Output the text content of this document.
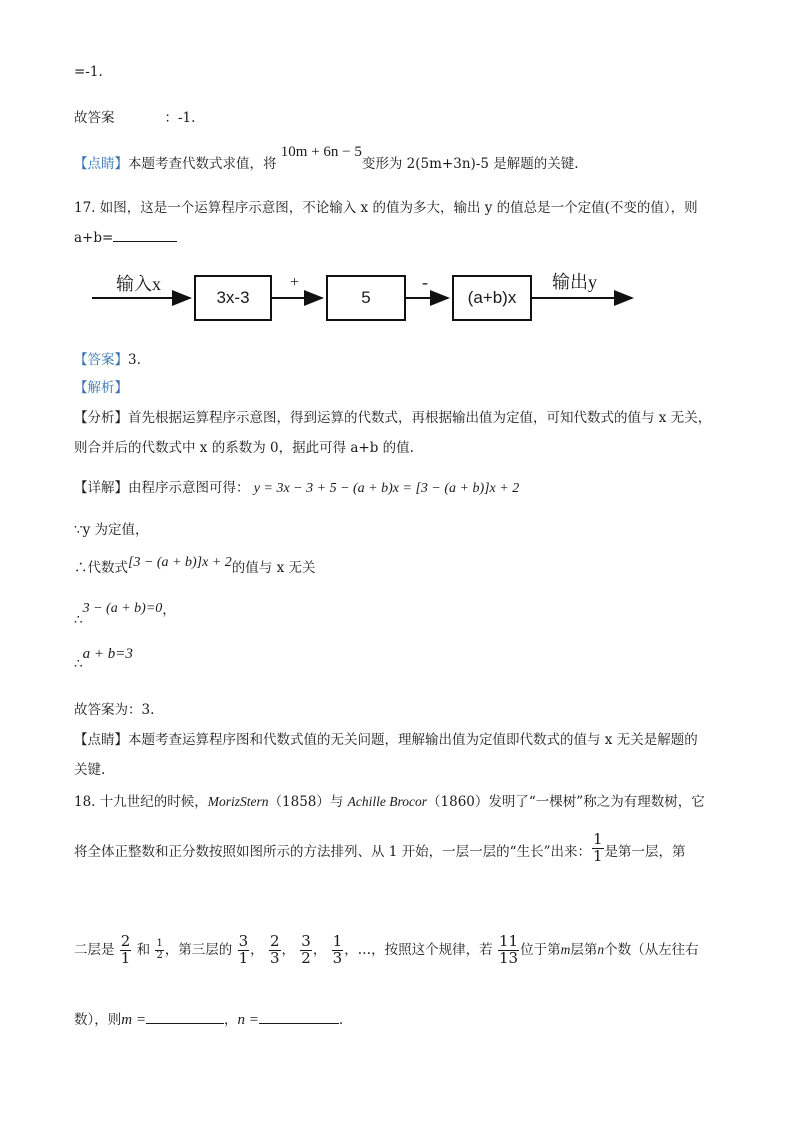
=-1.
故答案	：-1.
【点睛】本题考查代数式求值，将 10m + 6n − 5变形为 2(5m+3n)-5 是解题的关键.
17. 如图，这是一个运算程序示意图，不论输入 x 的值为多大，输出 y 的值总是一个定值(不变的值），则
a+b=
输入x
3x-3
+
5
-
(a+b)x
输出y
【答案】3.
【解析】
【分析】首先根据运算程序示意图，得到运算的代数式，再根据输出值为定值，可知代数式的值与 x 无关，
则合并后的代数式中 x 的系数为 0，据此可得 a+b 的值.
【详解】由程序示意图可得： y = 3x − 3 + 5 − (a + b)x = [3 − (a + b)]x + 2
∵y 为定值，
∴代数式[3 − (a + b)]x + 2的值与 x 无关
∴3 − (a + b)=0，
∴a + b=3
故答案为：3.
【点睛】本题考查运算程序图和代数式值的无关问题，理解输出值为定值即代数式的值与 x 无关是解题的
关键.
18. 十九世纪的时候，MorizStern（1858）与 Achille Brocor（1860）发明了“一棵树”称之为有理数树，它
将全体正整数和正分数按照如图所示的方法排列、从 1 开始，一层一层的“生长”出来： $\frac{1}{1}$ 是第一层，第
二层是 $\frac{2}{1}$ 和 $\frac{1}{2}$ ，第三层的 $\frac{3}{1}$ ， $\frac{2}{3}$ ， $\frac{3}{2}$ ， $\frac{1}{3}$ ，…，按照这个规律，若 $\frac{11}{13}$ 位于第m层第n个数（从左往右
数），则m =	，n =	.
